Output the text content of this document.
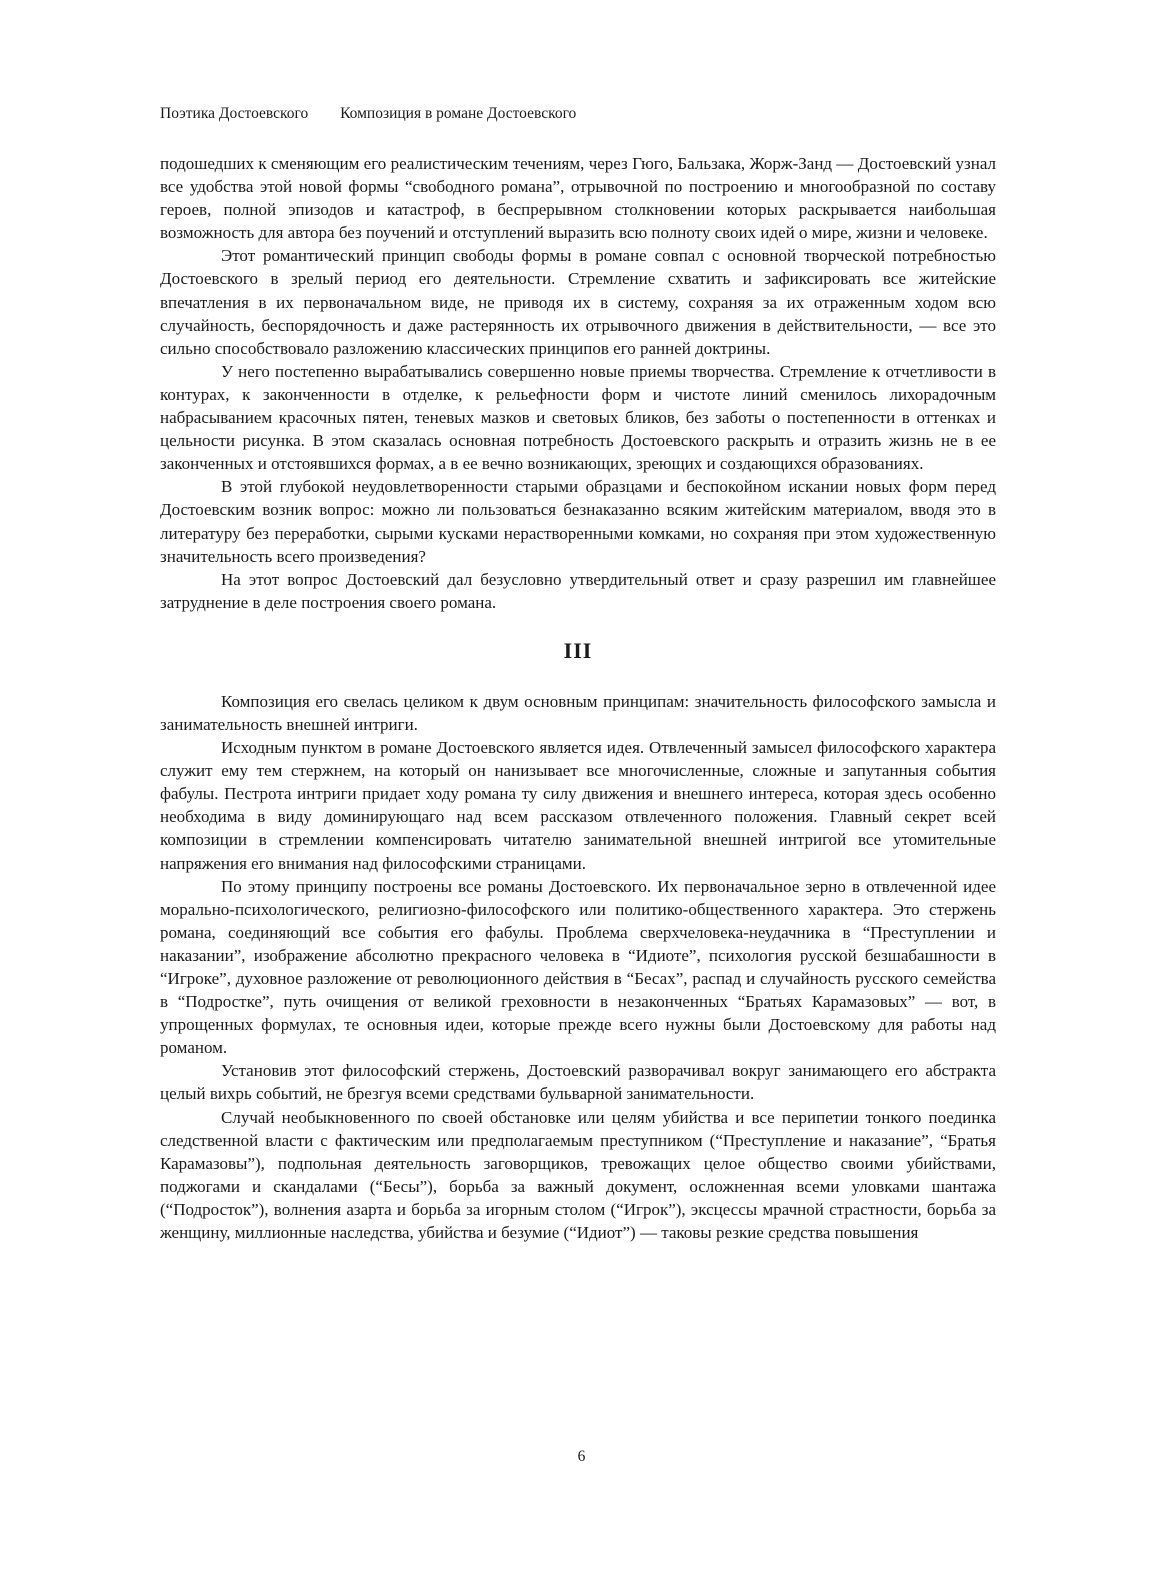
Поэтика Достоевского Композиция в романе Достоевского

подошедших к сменяющим его реалистическим течениям, через Гюго, Бальзака, Жорж-Занд — Достоевский узнал все удобства этой новой формы “свободного романа”, отрывочной по построению и многообразной по составу героев, полной эпизодов и катастроф, в беспрерывном столкновении которых раскрывается наибольшая возможность для автора без поучений и отступлений выразить всю полноту своих идей о мире, жизни и человеке.

Этот романтический принцип свободы формы в романе совпал с основной творческой потребностью Достоевского в зрелый период его деятельности. Стремление схватить и зафиксировать все житейские впечатления в их первоначальном виде, не приводя их в систему, сохраняя за их отраженным ходом всю случайность, беспорядочность и даже растерянность их отрывочного движения в действительности, — все это сильно способствовало разложению классических принципов его ранней доктрины.

У него постепенно вырабатывались совершенно новые приемы творчества. Стремление к отчетливости в контурах, к законченности в отделке, к рельефности форм и чистоте линий сменилось лихорадочным набрасыванием красочных пятен, теневых мазков и световых бликов, без заботы о постепенности в оттенках и цельности рисунка. В этом сказалась основная потребность Достоевского раскрыть и отразить жизнь не в ее законченных и отстоявшихся формах, а в ее вечно возникающих, зреющих и создающихся образованиях.

В этой глубокой неудовлетворенности старыми образцами и беспокойном искании новых форм перед Достоевским возник вопрос: можно ли пользоваться безнаказанно всяким житейским материалом, вводя это в литературу без переработки, сырыми кусками нерастворенными комками, но сохраняя при этом художественную значительность всего произведения?

На этот вопрос Достоевский дал безусловно утвердительный ответ и сразу разрешил им главнейшее затруднение в деле построения своего романа.

III

Композиция его свелась целиком к двум основным принципам: значительность философского замысла и занимательность внешней интриги.

Исходным пунктом в романе Достоевского является идея. Отвлеченный замысел философского характера служит ему тем стержнем, на который он нанизывает все многочисленные, сложные и запутанныя события фабулы. Пестрота интриги придает ходу романа ту силу движения и внешнего интереса, которая здесь особенно необходима в виду доминирующаго над всем рассказом отвлеченного положения. Главный секрет всей композиции в стремлении компенсировать читателю занимательной внешней интригой все утомительные напряжения его внимания над философскими страницами.

По этому принципу построены все романы Достоевского. Их первоначальное зерно в отвлеченной идее морально-психологического, религиозно-философского или политико-общественного характера. Это стержень романа, соединяющий все события его фабулы. Проблема сверхчеловека-неудачника в “Преступлении и наказании”, изображение абсолютно прекрасного человека в “Идиоте”, психология русской безшабашности в “Игроке”, духовное разложение от революционного действия в “Бесах”, распад и случайность русского семейства в “Подростке”, путь очищения от великой греховности в незаконченных “Братьях Карамазовых” — вот, в упрощенных формулах, те основныя идеи, которые прежде всего нужны были Достоевскому для работы над романом.

Установив этот философский стержень, Достоевский разворачивал вокруг занимающего его абстракта целый вихрь событий, не брезгуя всеми средствами бульварной занимательности.

Случай необыкновенного по своей обстановке или целям убийства и все перипетии тонкого поединка следственной власти с фактическим или предполагаемым преступником (“Преступление и наказание”, “Братья Карамазовы”), подпольная деятельность заговорщиков, тревожащих целое общество своими убийствами, поджогами и скандалами (“Бесы”), борьба за важный документ, осложненная всеми уловками шантажа (“Подросток”), волнения азарта и борьба за игорным столом (“Игрок”), эксцессы мрачной страстности, борьба за женщину, миллионные наследства, убийства и безумие (“Идиот”) — таковы резкие средства повышения

6
